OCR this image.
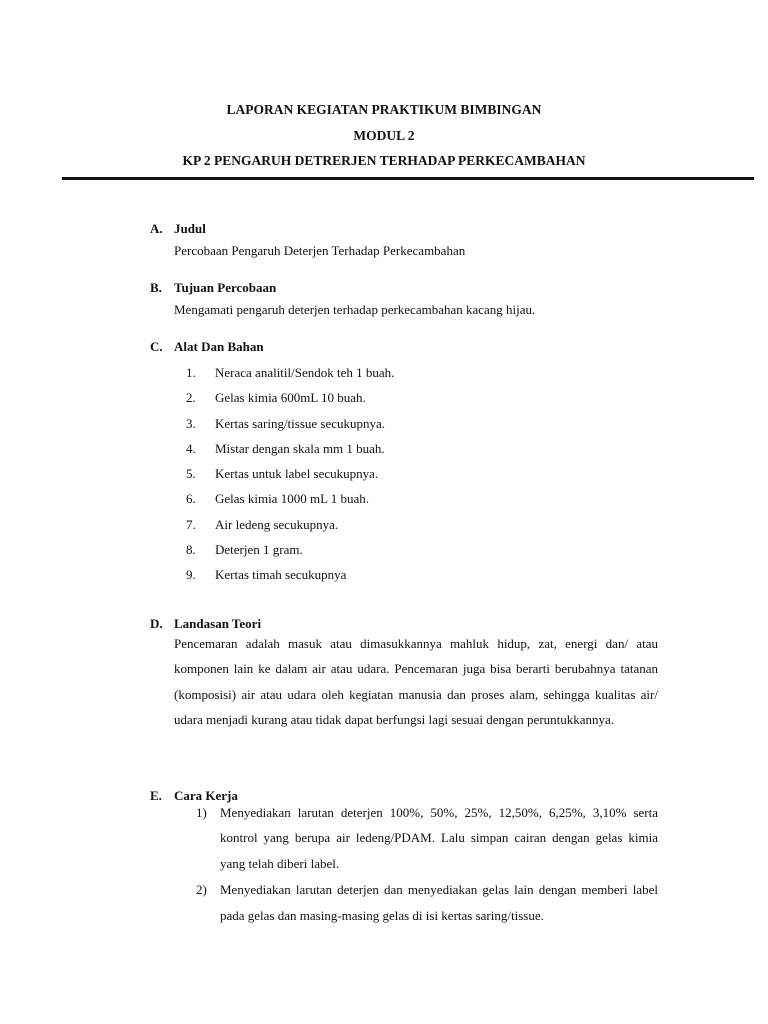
LAPORAN KEGIATAN PRAKTIKUM BIMBINGAN
MODUL 2
KP 2 PENGARUH DETRERJEN TERHADAP PERKECAMBAHAN
A. Judul
Percobaan Pengaruh Deterjen Terhadap Perkecambahan
B. Tujuan Percobaan
Mengamati pengaruh deterjen terhadap perkecambahan kacang hijau.
C. Alat Dan Bahan
1. Neraca analitil/Sendok teh 1 buah.
2. Gelas kimia 600mL 10 buah.
3. Kertas saring/tissue secukupnya.
4. Mistar dengan skala mm 1 buah.
5. Kertas untuk label secukupnya.
6. Gelas kimia 1000 mL 1 buah.
7. Air ledeng secukupnya.
8. Deterjen 1 gram.
9. Kertas timah secukupnya
D. Landasan Teori
Pencemaran adalah masuk atau dimasukkannya mahluk hidup, zat, energi dan/ atau komponen lain ke dalam air atau udara. Pencemaran juga bisa berarti berubahnya tatanan (komposisi) air atau udara oleh kegiatan manusia dan proses alam, sehingga kualitas air/ udara menjadi kurang atau tidak dapat berfungsi lagi sesuai dengan peruntukkannya.
E. Cara Kerja
1) Menyediakan larutan deterjen 100%, 50%, 25%, 12,50%, 6,25%, 3,10% serta kontrol yang berupa air ledeng/PDAM. Lalu simpan cairan dengan gelas kimia yang telah diberi label.
2) Menyediakan larutan deterjen dan menyediakan gelas lain dengan memberi label pada gelas dan masing-masing gelas di isi kertas saring/tissue.
